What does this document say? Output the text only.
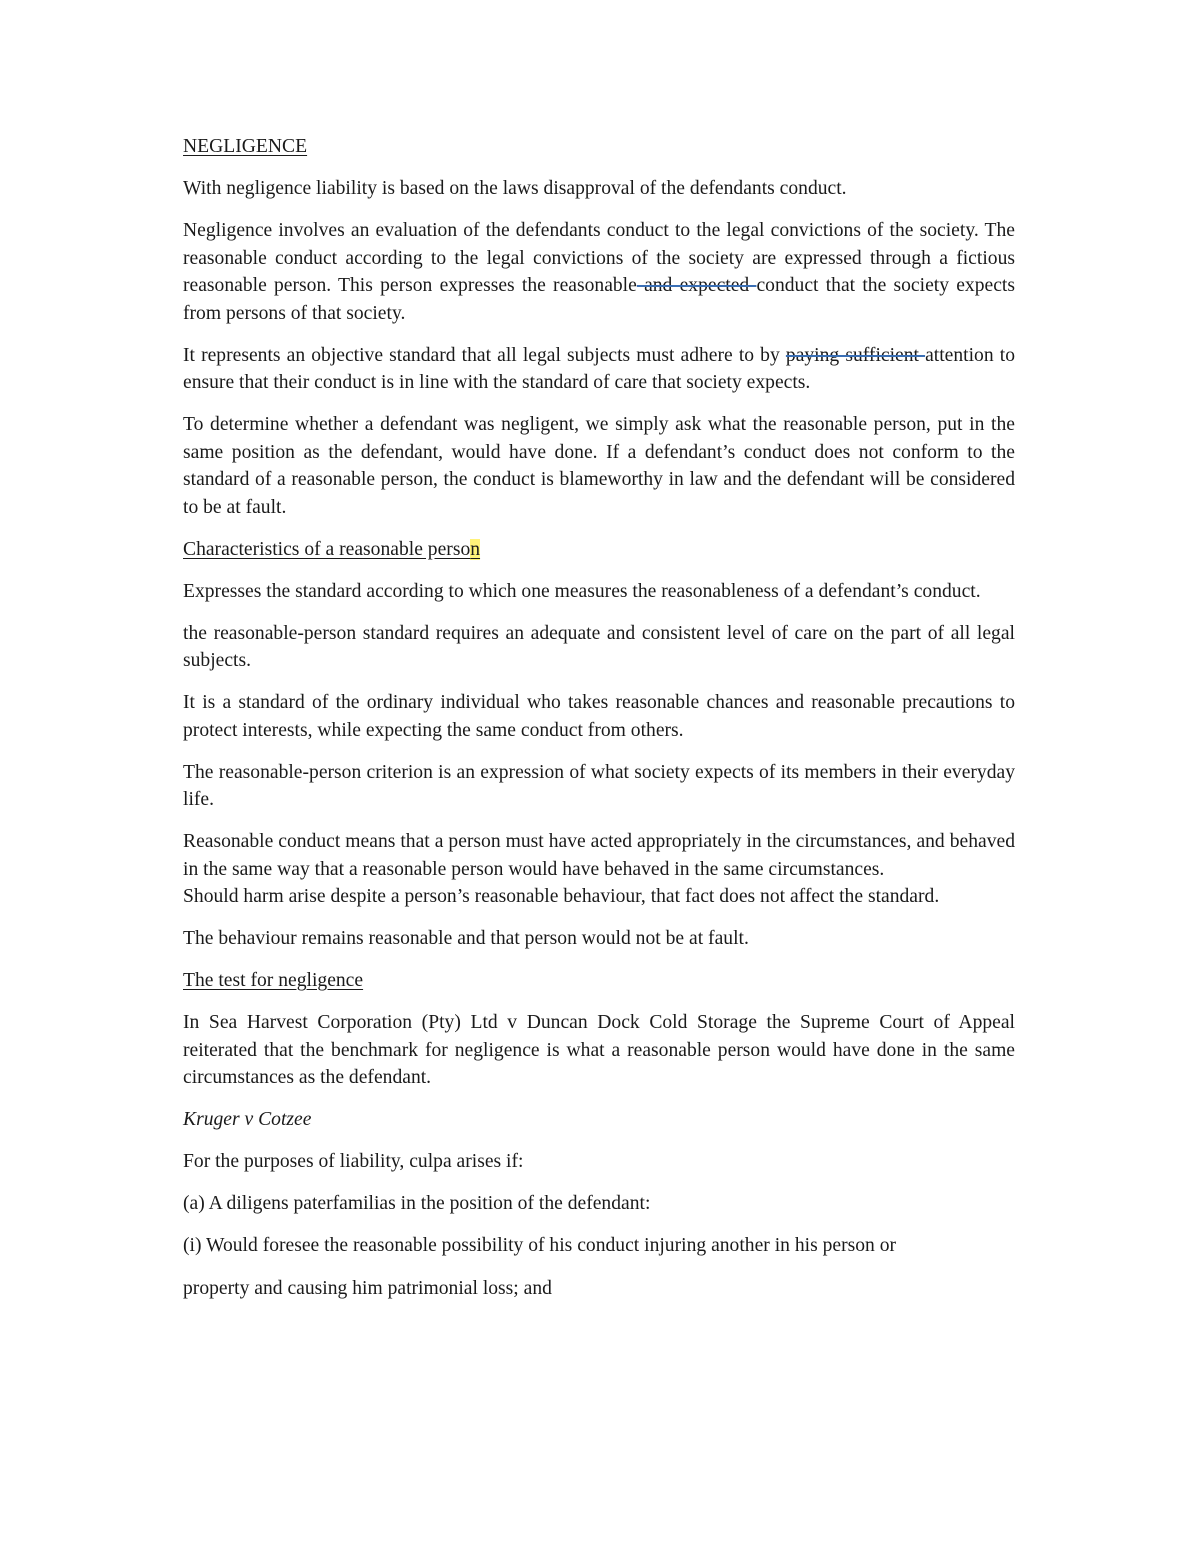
NEGLIGENCE

With negligence liability is based on the laws disapproval of the defendants conduct.

Negligence involves an evaluation of the defendants conduct to the legal convictions of the society. The reasonable conduct according to the legal convictions of the society are expressed through a fictious reasonable person. This person expresses the reasonable and expected conduct that the society expects from persons of that society.

It represents an objective standard that all legal subjects must adhere to by paying sufficient attention to ensure that their conduct is in line with the standard of care that society expects.

To determine whether a defendant was negligent, we simply ask what the reasonable person, put in the same position as the defendant, would have done. If a defendant’s conduct does not conform to the standard of a reasonable person, the conduct is blameworthy in law and the defendant will be considered to be at fault.

Characteristics of a reasonable person

Expresses the standard according to which one measures the reasonableness of a defendant’s conduct.

the reasonable-person standard requires an adequate and consistent level of care on the part of all legal subjects.

It is a standard of the ordinary individual who takes reasonable chances and reasonable precautions to protect interests, while expecting the same conduct from others.

The reasonable-person criterion is an expression of what society expects of its members in their everyday life.

Reasonable conduct means that a person must have acted appropriately in the circumstances, and behaved in the same way that a reasonable person would have behaved in the same circumstances.

Should harm arise despite a person’s reasonable behaviour, that fact does not affect the standard.

The behaviour remains reasonable and that person would not be at fault.

The test for negligence

In Sea Harvest Corporation (Pty) Ltd v Duncan Dock Cold Storage the Supreme Court of Appeal reiterated that the benchmark for negligence is what a reasonable person would have done in the same circumstances as the defendant.

Kruger v Cotzee

For the purposes of liability, culpa arises if:

(a) A diligens paterfamilias in the position of the defendant:

(i) Would foresee the reasonable possibility of his conduct injuring another in his person or

property and causing him patrimonial loss; and
